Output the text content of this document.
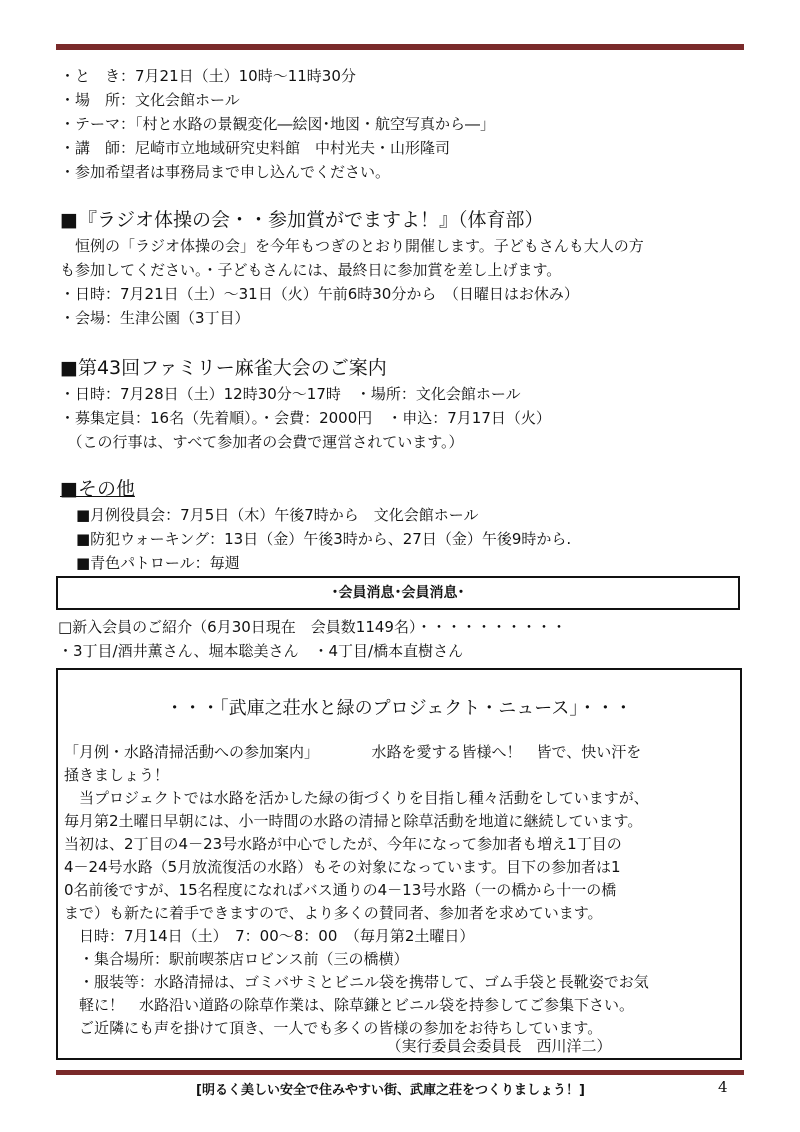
・と　き：7月21日（土）10時～11時30分
・場　所：文化会館ホール
・テーマ：「村と水路の景観変化―絵図･地図・航空写真から―」
・講　師：尼崎市立地域研究史料館　中村光夫・山形隆司
・参加希望者は事務局まで申し込んでください。
■『ラジオ体操の会・・参加賞がでますよ！』（体育部）
　恒例の「ラジオ体操の会」を今年もつぎのとおり開催します。子どもさんも大人の方
も参加してください。・子どもさんには、最終日に参加賞を差し上げます。
・日時：7月21日（土）～31日（火）午前6時30分から　（日曜日はお休み）
・会場：生津公園（3丁目）
■第43回ファミリー麻雀大会のご案内
・日時：7月28日（土）12時30分～17時　・場所：文化会館ホール
・募集定員：16名（先着順）。・会費：2000円　・申込：7月17日（火）
　（この行事は、すべて参加者の会費で運営されています。）
■その他
■月例役員会：7月5日（木）午後7時から　文化会館ホール
■防犯ウォーキング：13日（金）午後3時から、27日（金）午後9時から.
■青色パトロール：毎週
･会員消息･会員消息･
□新入会員のご紹介（6月30日現在　会員数1149名）・・・・・・・・・・
・3丁目/酒井薫さん、堀本聡美さん　・4丁目/橋本直樹さん
・・・「武庫之荘水と緑のプロジェクト・ニュース」・・・
「月例・水路清掃活動への参加案内」　　　　水路を愛する皆様へ！　皆で、快い汗を
掻きましょう！
　当プロジェクトでは水路を活かした緑の街づくりを目指し種々活動をしていますが、
毎月第2土曜日早朝には、小一時間の水路の清掃と除草活動を地道に継続しています。
当初は、2丁目の4－23号水路が中心でしたが、今年になって参加者も増え1丁目の
4－24号水路（5月放流復活の水路）もその対象になっています。目下の参加者は1
0名前後ですが、15名程度になればバス通りの4－13号水路（一の橋から十一の橋
まで）も新たに着手できますので、より多くの賛同者、参加者を求めています。
　日時：7月14日（土）　7：00～8：00　（毎月第2土曜日）
　・集合場所：駅前喫茶店ロビンス前（三の橋横）
　・服装等：水路清掃は、ゴミバサミとビニル袋を携帯して、ゴム手袋と長靴姿でお気
　軽に！　水路沿い道路の除草作業は、除草鎌とビニル袋を持参してご参集下さい。
　ご近隣にも声を掛けて頂き、一人でも多くの皆様の参加をお待ちしています。
　　　　　　　　　　　　　　　　　　　　　　（実行委員会委員長　西川洋二）
[明るく美しい安全で住みやすい街、武庫之荘をつくりましょう！]	4
